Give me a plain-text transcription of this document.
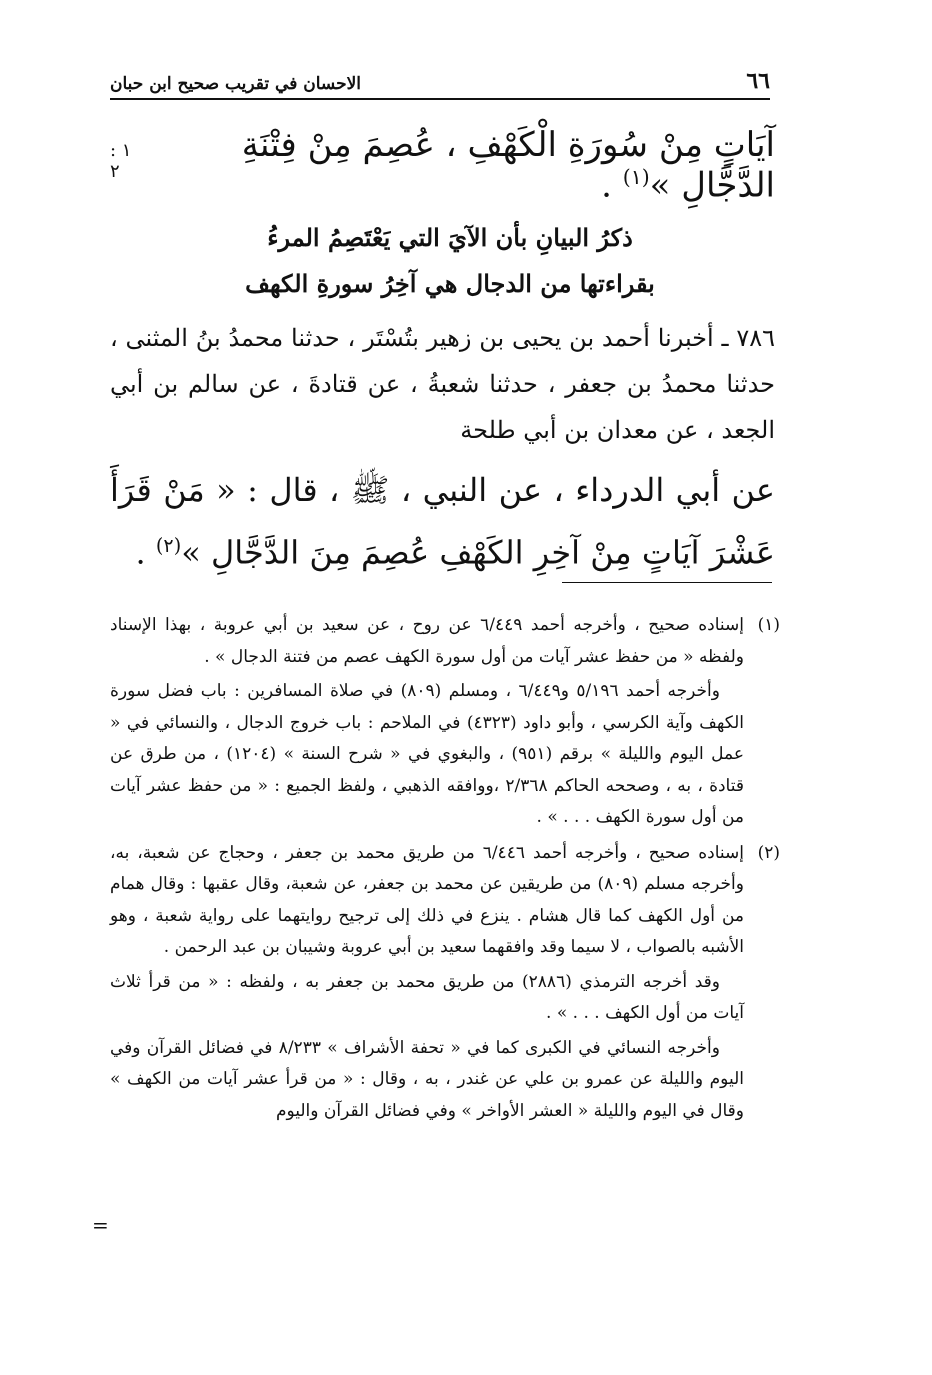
٦٦
الاحسان في تقريب صحيح ابن حبان
آيَاتٍ مِنْ سُورَةِ الْكَهْفِ ، عُصِمَ مِنْ فِتْنَةِ الدَّجَّالِ »$^{(١)}$ .
١ : ٢
ذكرُ البيانِ بأن الآيَ التي يَعْتَصِمُ المرءُ
بقراءتها من الدجال هي آخِرُ سورةِ الكهف
٧٨٦ ـ أخبرنا أحمد بن يحيى بن زهير بتُسْتَر ، حدثنا محمدُ بنُ المثنى ، حدثنا محمدُ بن جعفر ، حدثنا شعبةُ ، عن قتادةَ ، عن سالم بن أبي الجعد ، عن معدان بن أبي طلحة
عن أبي الدرداء ، عن النبي ، ﷺ ، قال : « مَنْ قَرَأَ عَشْرَ آيَاتٍ مِنْ آخِرِ الكَهْفِ عُصِمَ مِنَ الدَّجَّالِ »$^{(٢)}$ .
(١)

إسناده صحيح ، وأخرجه أحمد ٦/٤٤٩ عن روح ، عن سعيد بن أبي عروبة ، بهذا الإسناد ولفظه « من حفظ عشر آيات من أول سورة الكهف عصم من فتنة الدجال » .

وأخرجه أحمد ٥/١٩٦ و٦/٤٤٩ ، ومسلم (٨٠٩) في صلاة المسافرين : باب فضل سورة الكهف وآية الكرسي ، وأبو داود (٤٣٢٣) في الملاحم : باب خروج الدجال ، والنسائي في « عمل اليوم والليلة » برقم (٩٥١) ، والبغوي في « شرح السنة » (١٢٠٤) ، من طرق عن قتادة ، به ، وصححه الحاكم ٢/٣٦٨ ،ووافقه الذهبي ، ولفظ الجميع : « من حفظ عشر آيات من أول سورة الكهف . . . » .

(٢)

إسناده صحيح ، وأخرجه أحمد ٦/٤٤٦ من طريق محمد بن جعفر ، وحجاج عن شعبة، به، وأخرجه مسلم (٨٠٩) من طريقين عن محمد بن جعفر، عن شعبة، وقال عقبها : وقال همام من أول الكهف كما قال هشام . ينزع في ذلك إلى ترجيح روايتهما على رواية شعبة ، وهو الأشبه بالصواب ، لا سيما وقد وافقهما سعيد بن أبي عروبة وشيبان بن عبد الرحمن .

وقد أخرجه الترمذي (٢٨٨٦) من طريق محمد بن جعفر به ، ولفظه : « من قرأ ثلاث آيات من أول الكهف . . . » .

وأخرجه النسائي في الكبرى كما في « تحفة الأشراف » ٨/٢٣٣ في فضائل القرآن وفي اليوم والليلة عن عمرو بن علي عن غندر ، به ، وقال : « من قرأ عشر آيات من الكهف » وقال في اليوم والليلة « العشر الأواخر » وفي فضائل القرآن واليوم

=
